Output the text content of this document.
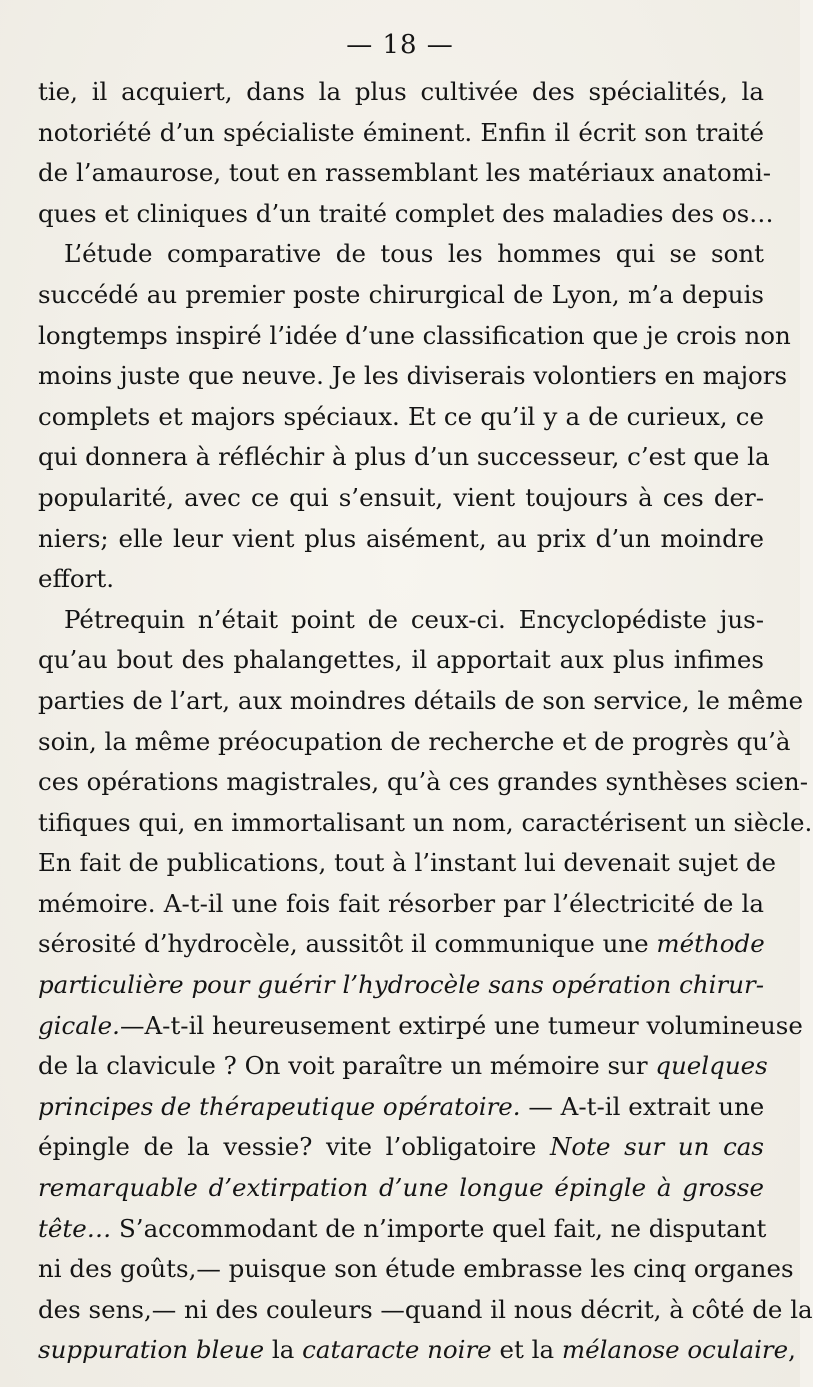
— 18 —
tie, il acquiert, dans la plus cultivée des spécialités, la
notoriété d’un spécialiste éminent. Enfin il écrit son traité
de l’amaurose, tout en rassemblant les matériaux anatomi-
ques et cliniques d’un traité complet des maladies des os…
L’étude comparative de tous les hommes qui se sont
succédé au premier poste chirurgical de Lyon, m’a depuis
longtemps inspiré l’idée d’une classification que je crois non
moins juste que neuve. Je les diviserais volontiers en majors
complets et majors spéciaux. Et ce qu’il y a de curieux, ce
qui donnera à réfléchir à plus d’un successeur, c’est que la
popularité, avec ce qui s’ensuit, vient toujours à ces der-
niers; elle leur vient plus aisément, au prix d’un moindre
effort.
Pétrequin n’était point de ceux-ci. Encyclopédiste jus-
qu’au bout des phalangettes, il apportait aux plus infimes
parties de l’art, aux moindres détails de son service, le même
soin, la même préocupation de recherche et de progrès qu’à
ces opérations magistrales, qu’à ces grandes synthèses scien-
tifiques qui, en immortalisant un nom, caractérisent un siècle.
En fait de publications, tout à l’instant lui devenait sujet de
mémoire. A-t-il une fois fait résorber par l’électricité de la
sérosité d’hydrocèle, aussitôt il communique une méthode
particulière pour guérir l’hydrocèle sans opération chirur-
gicale.—A-t-il heureusement extirpé une tumeur volumineuse
de la clavicule ? On voit paraître un mémoire sur quelques
principes de thérapeutique opératoire. — A-t-il extrait une
épingle de la vessie? vite l’obligatoire Note sur un cas
remarquable d’extirpation d’une longue épingle à grosse
tête… S’accommodant de n’importe quel fait, ne disputant
ni des goûts,— puisque son étude embrasse les cinq organes
des sens,— ni des couleurs —quand il nous décrit, à côté de la
suppuration bleue la cataracte noire et la mélanose oculaire,
